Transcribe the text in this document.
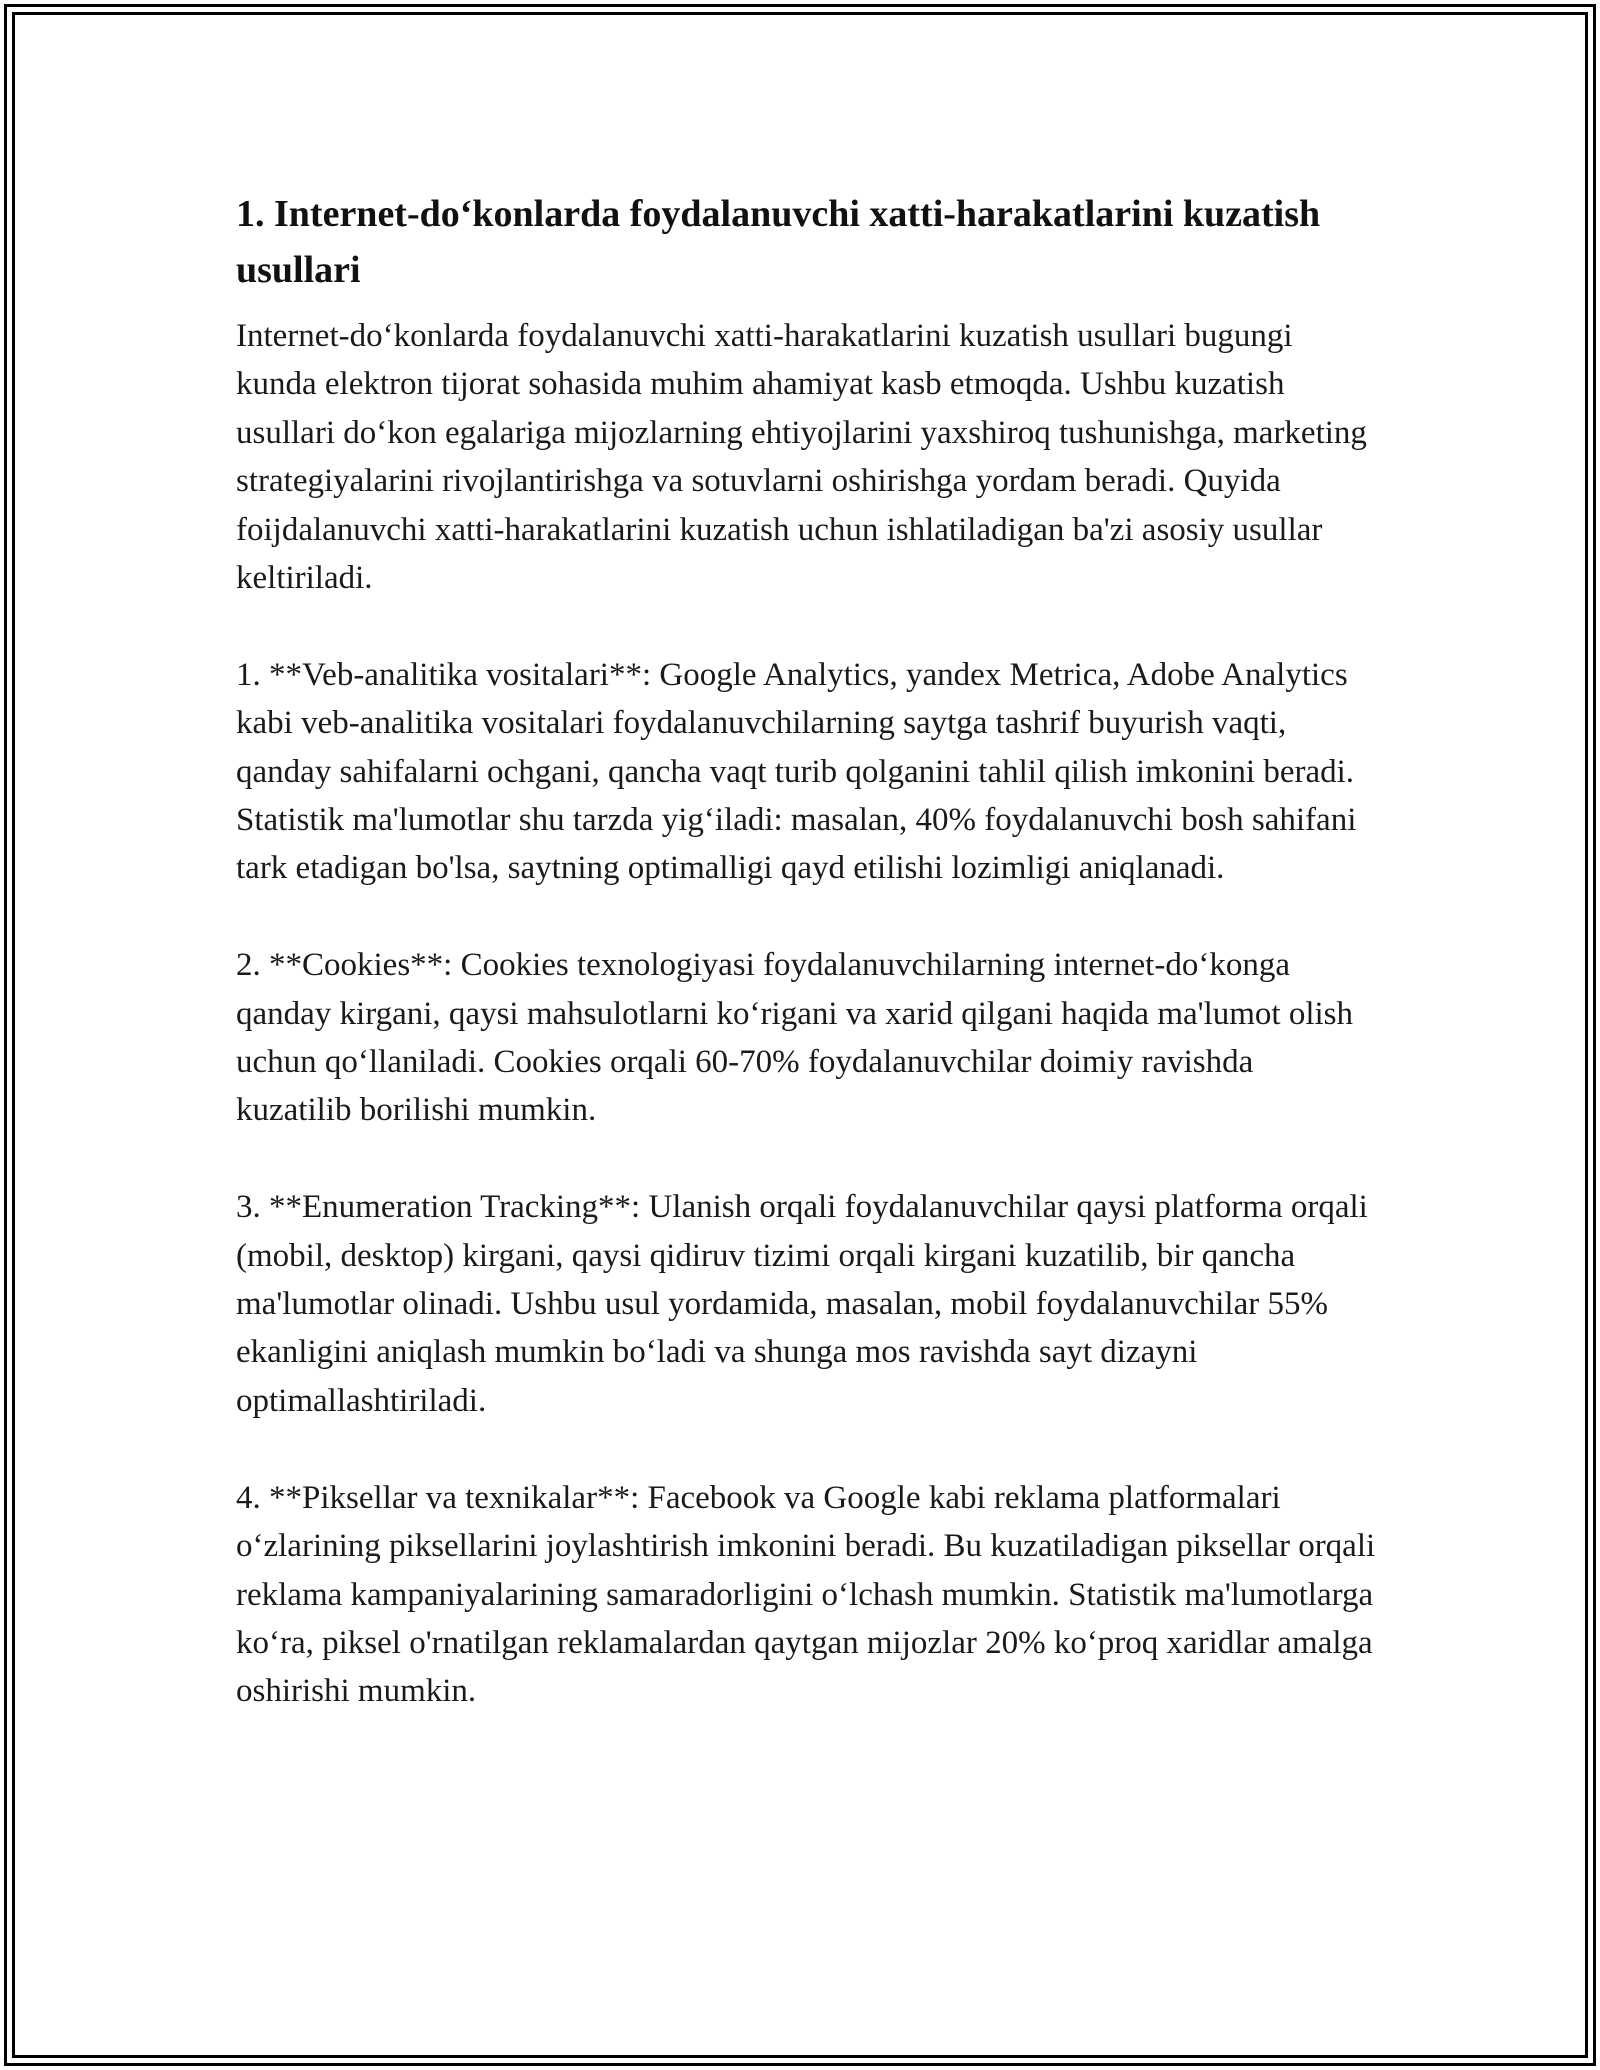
1. Internet-do‘konlarda foydalanuvchi xatti-harakatlarini kuzatish usullari

Internet-do‘konlarda foydalanuvchi xatti-harakatlarini kuzatish usullari bugungi kunda elektron tijorat sohasida muhim ahamiyat kasb etmoqda. Ushbu kuzatish usullari do‘kon egalariga mijozlarning ehtiyojlarini yaxshiroq tushunishga, marketing strategiyalarini rivojlantirishga va sotuvlarni oshirishga yordam beradi. Quyida foijdalanuvchi xatti-harakatlarini kuzatish uchun ishlatiladigan ba'zi asosiy usullar keltiriladi.

1. **Veb-analitika vositalari**: Google Analytics, yandex Metrica, Adobe Analytics kabi veb-analitika vositalari foydalanuvchilarning saytga tashrif buyurish vaqti, qanday sahifalarni ochgani, qancha vaqt turib qolganini tahlil qilish imkonini beradi. Statistik ma'lumotlar shu tarzda yig‘iladi: masalan, 40% foydalanuvchi bosh sahifani tark etadigan bo'lsa, saytning optimalligi qayd etilishi lozimligi aniqlanadi.

2. **Cookies**: Cookies texnologiyasi foydalanuvchilarning internet-do‘konga qanday kirgani, qaysi mahsulotlarni ko‘rigani va xarid qilgani haqida ma'lumot olish uchun qo‘llaniladi. Cookies orqali 60-70% foydalanuvchilar doimiy ravishda kuzatilib borilishi mumkin.

3. **Enumeration Tracking**: Ulanish orqali foydalanuvchilar qaysi platforma orqali (mobil, desktop) kirgani, qaysi qidiruv tizimi orqali kirgani kuzatilib, bir qancha ma'lumotlar olinadi. Ushbu usul yordamida, masalan, mobil foydalanuvchilar 55% ekanligini aniqlash mumkin bo‘ladi va shunga mos ravishda sayt dizayni optimallashtiriladi.

4. **Piksellar va texnikalar**: Facebook va Google kabi reklama platformalari o‘zlarining piksellarini joylashtirish imkonini beradi. Bu kuzatiladigan piksellar orqali reklama kampaniyalarining samaradorligini o‘lchash mumkin. Statistik ma'lumotlarga ko‘ra, piksel o'rnatilgan reklamalardan qaytgan mijozlar 20% ko‘proq xaridlar amalga oshirishi mumkin.
